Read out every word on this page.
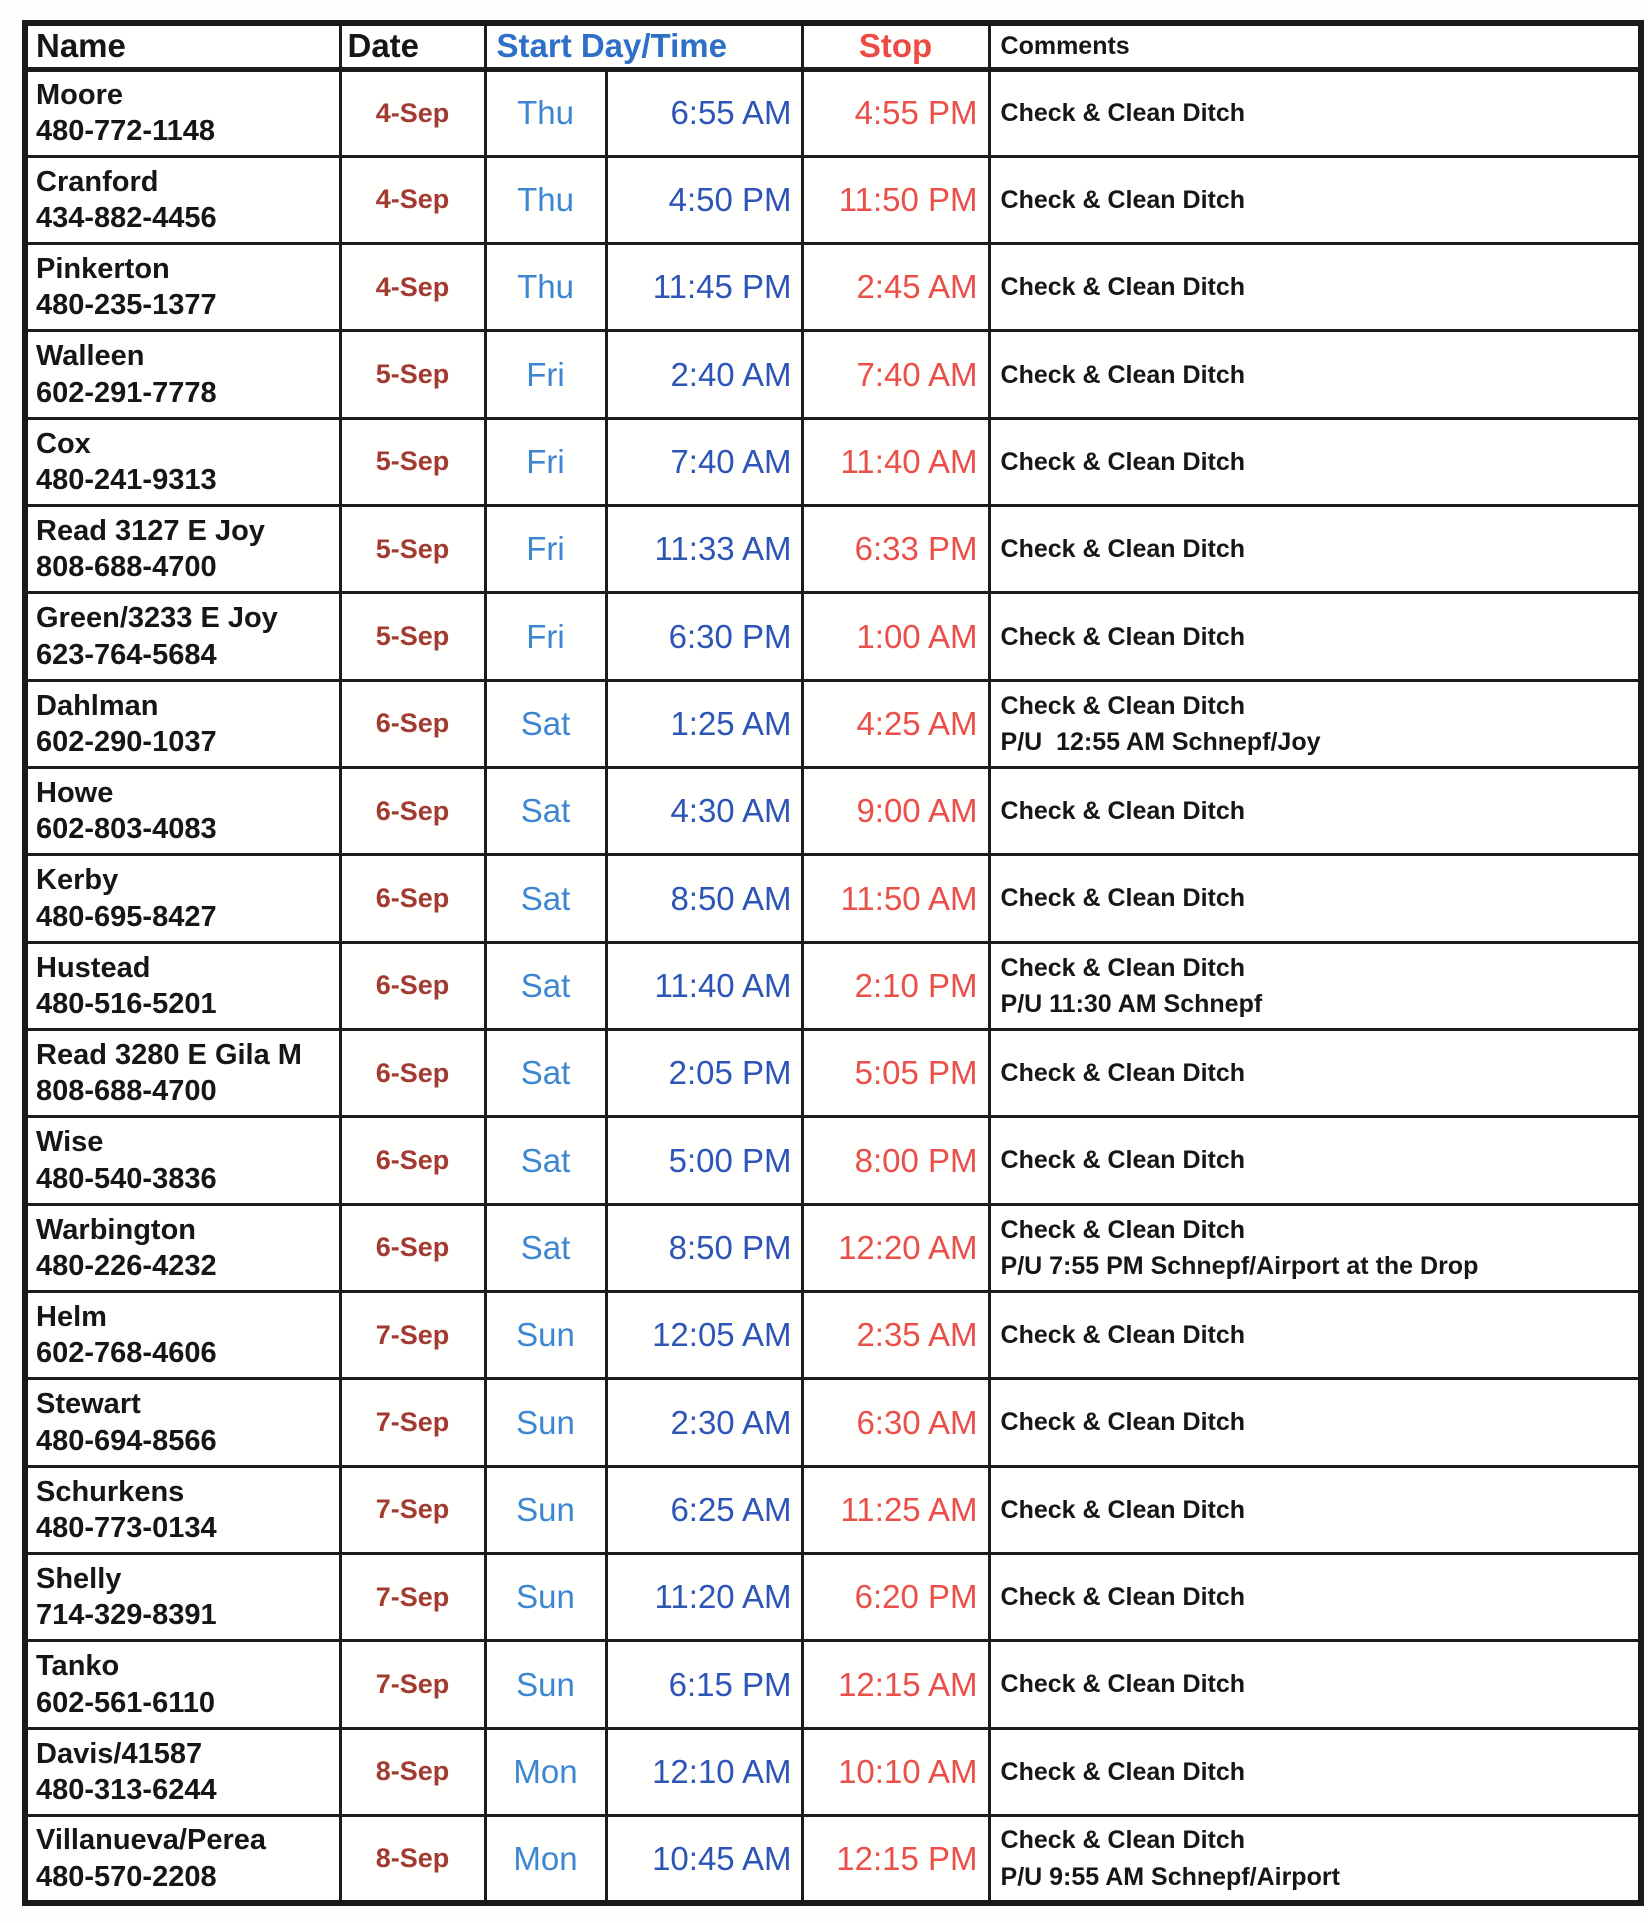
Name	Date	Start Day/Time		Stop	Comments

Moore
480-772-1148	4-Sep	Thu	6:55 AM	4:55 PM	Check & Clean Ditch

Cranford
434-882-4456	4-Sep	Thu	4:50 PM	11:50 PM	Check & Clean Ditch

Pinkerton
480-235-1377	4-Sep	Thu	11:45 PM	2:45 AM	Check & Clean Ditch

Walleen
602-291-7778	5-Sep	Fri	2:40 AM	7:40 AM	Check & Clean Ditch

Cox
480-241-9313	5-Sep	Fri	7:40 AM	11:40 AM	Check & Clean Ditch

Read 3127 E Joy
808-688-4700	5-Sep	Fri	11:33 AM	6:33 PM	Check & Clean Ditch

Green/3233 E Joy
623-764-5684	5-Sep	Fri	6:30 PM	1:00 AM	Check & Clean Ditch

Dahlman
602-290-1037
	6-Sep	Sat	1:25 AM	4:25 AM	Check & Clean Ditch
P/U  12:55 AM Schnepf/Joy

Howe
602-803-4083	6-Sep	Sat	4:30 AM	9:00 AM	Check & Clean Ditch

Kerby
480-695-8427	6-Sep	Sat	8:50 AM	11:50 AM	Check & Clean Ditch

Hustead
480-516-5201
	6-Sep	Sat	11:40 AM	2:10 PM	Check & Clean Ditch
P/U 11:30 AM Schnepf

Read 3280 E Gila M
808-688-4700	6-Sep	Sat	2:05 PM	5:05 PM	Check & Clean Ditch

Wise
480-540-3836	6-Sep	Sat	5:00 PM	8:00 PM	Check & Clean Ditch

Warbington
480-226-4232
	6-Sep	Sat	8:50 PM	12:20 AM	Check & Clean Ditch
P/U 7:55 PM Schnepf/Airport at the Drop

Helm
602-768-4606	7-Sep	Sun	12:05 AM	2:35 AM	Check & Clean Ditch

Stewart
480-694-8566	7-Sep	Sun	2:30 AM	6:30 AM	Check & Clean Ditch

Schurkens
480-773-0134	7-Sep	Sun	6:25 AM	11:25 AM	Check & Clean Ditch

Shelly
714-329-8391	7-Sep	Sun	11:20 AM	6:20 PM	Check & Clean Ditch

Tanko
602-561-6110	7-Sep	Sun	6:15 PM	12:15 AM	Check & Clean Ditch

Davis/41587
480-313-6244	8-Sep	Mon	12:10 AM	10:10 AM	Check & Clean Ditch

Villanueva/Perea
480-570-2208
	8-Sep	Mon	10:45 AM	12:15 PM	Check & Clean Ditch
P/U 9:55 AM Schnepf/Airport
